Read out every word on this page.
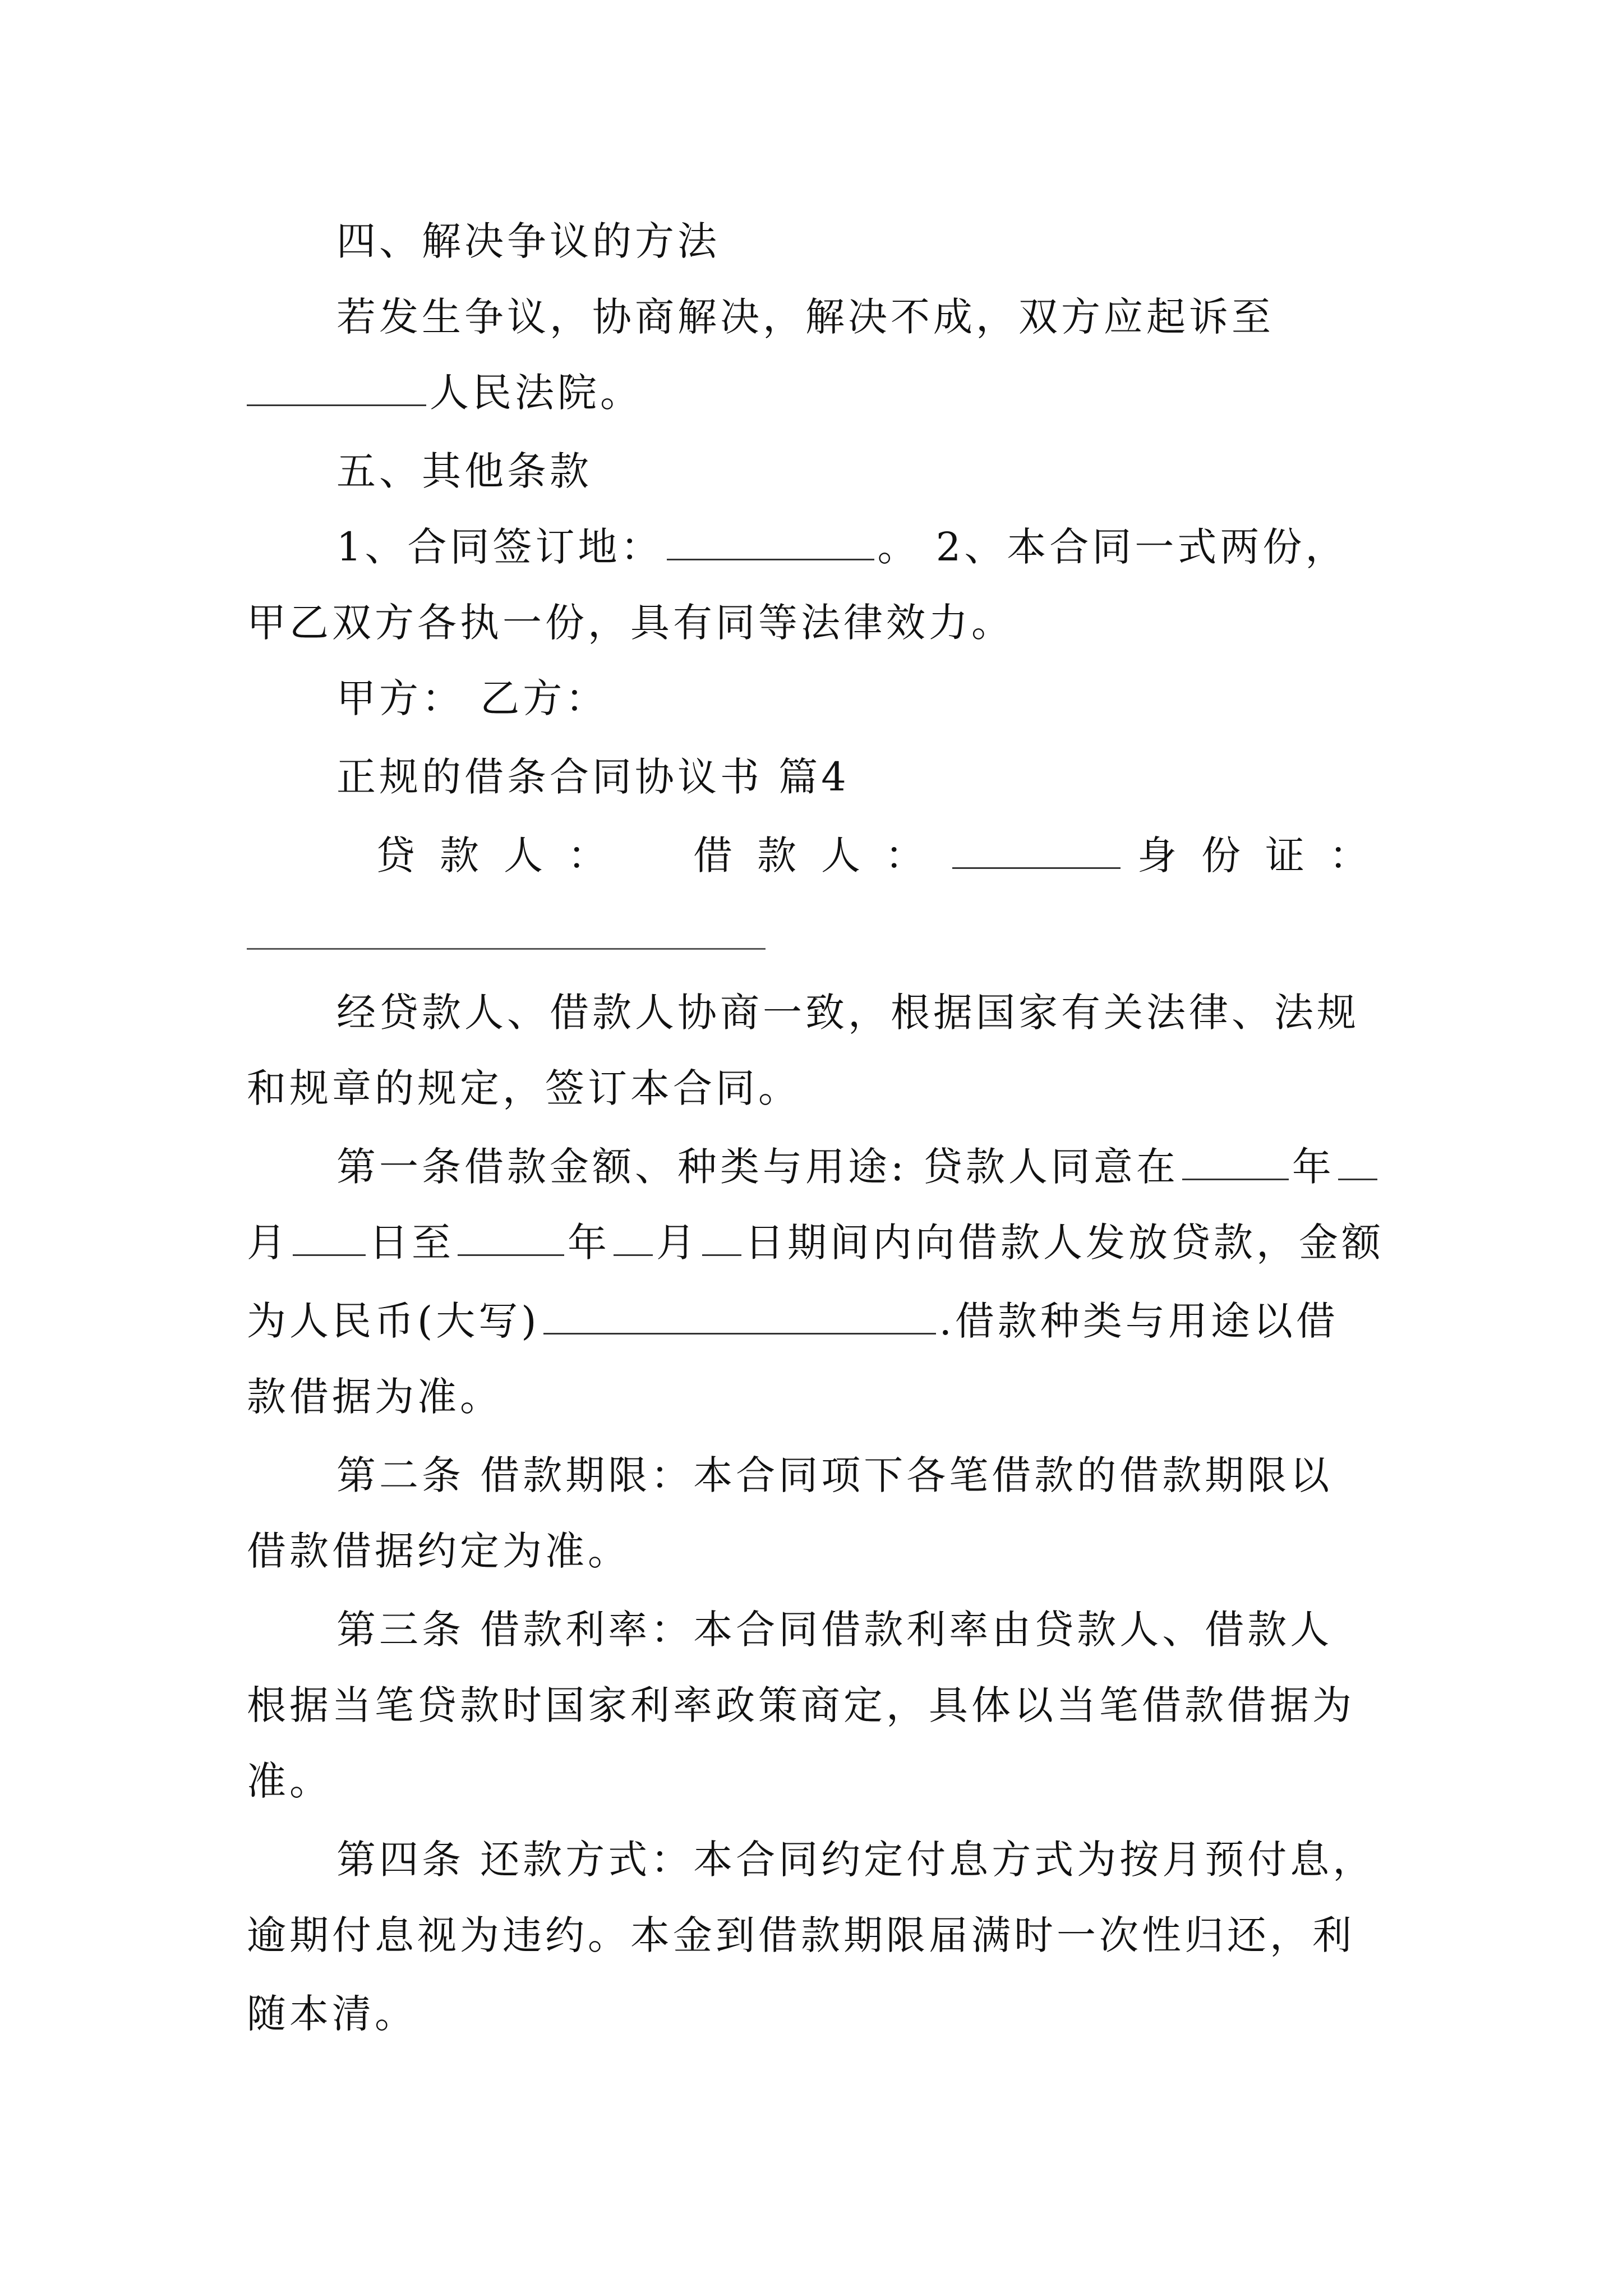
四、解决争议的方法
若发生争议，协商解决，解决不成，双方应起诉至
人民法院。
五、其他条款
1、合同签订地：	。 2、本合同一式两份，
甲乙双方各执一份，具有同等法律效力。
甲方： 乙方：
正规的借条合同协议书 篇4
贷款人： 借款人：	身份证：
经贷款人、借款人协商一致，根据国家有关法律、法规
和规章的规定，签订本合同。
第一条借款金额、种类与用途: 贷款人同意在	年
月 日至	年 月 日期间内向借款人发放贷款，金额
为人民币(大写)	.借款种类与用途以借
款借据为准。
第二条 借款期限：本合同项下各笔借款的借款期限以
借款借据约定为准。
第三条 借款利率：本合同借款利率由贷款人、借款人
根据当笔贷款时国家利率政策商定，具体以当笔借款借据为
准。
第四条 还款方式：本合同约定付息方式为按月预付息，
逾期付息视为违约。本金到借款期限届满时一次性归还，利
随本清。
